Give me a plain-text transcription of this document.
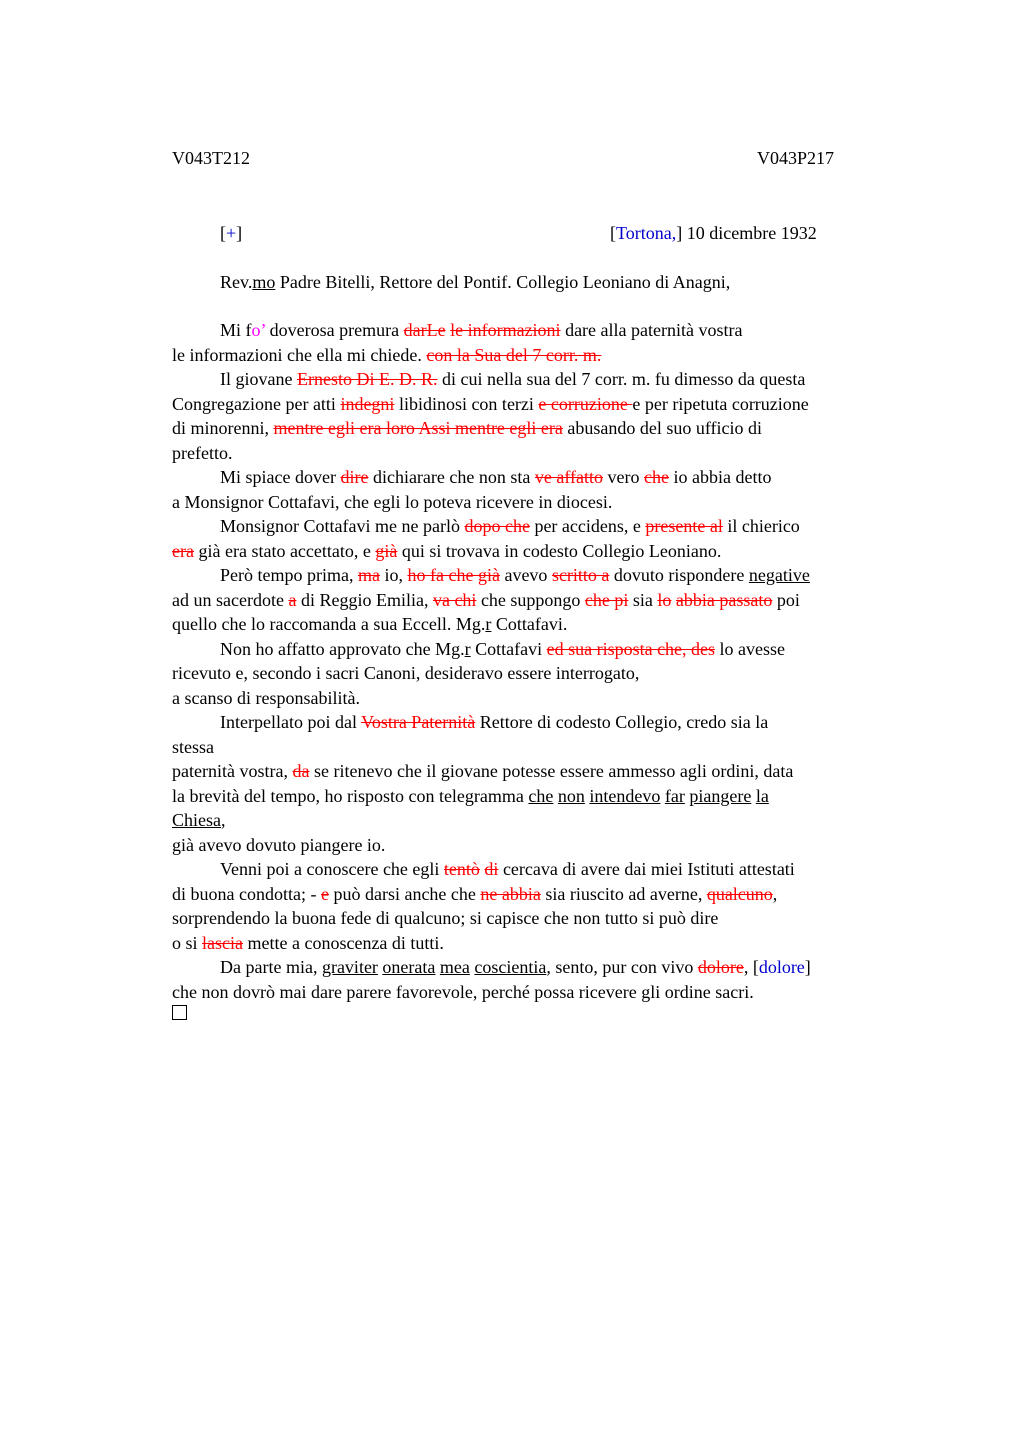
V043T212	V043P217
[+]	[Tortona,] 10 dicembre 1932
Rev.mo Padre Bitelli, Rettore del Pontif. Collegio Leoniano di Anagni,

Mi fo’ doverosa premura darLe le informazioni dare alla paternità vostra
le informazioni che ella mi chiede. con la Sua del 7 corr. m.

Il giovane Ernesto Di E. D. R. di cui nella sua del 7 corr. m. fu dimesso da questa
Congregazione per atti indegni libidinosi con terzi e corruzione e per ripetuta corruzione
di minorenni, mentre egli era loro Assi mentre egli era abusando del suo ufficio di
prefetto.

Mi spiace dover dire dichiarare che non sta ve affatto vero che io abbia detto
a Monsignor Cottafavi, che egli lo poteva ricevere in diocesi.

Monsignor Cottafavi me ne parlò dopo che per accidens, e presente al il chierico
era già era stato accettato, e già qui si trovava in codesto Collegio Leoniano.

Però tempo prima, ma io, ho fa che già avevo scritto a dovuto rispondere negative
ad un sacerdote a di Reggio Emilia, va chi che suppongo che pi sia lo abbia passato poi
quello che lo raccomanda a sua Eccell. Mg.r Cottafavi.

Non ho affatto approvato che Mg.r Cottafavi ed sua risposta che, des lo avesse
ricevuto e, secondo i sacri Canoni, desideravo essere interrogato,
a scanso di responsabilità.

Interpellato poi dal Vostra Paternità Rettore di codesto Collegio, credo sia la
stessa
paternità vostra, da se ritenevo che il giovane potesse essere ammesso agli ordini, data
la brevità del tempo, ho risposto con telegramma che non intendevo far piangere la
Chiesa,
già avevo dovuto piangere io.

Venni poi a conoscere che egli tentò di cercava di avere dai miei Istituti attestati
di buona condotta; - e può darsi anche che ne abbia sia riuscito ad averne, qualcuno,
sorprendendo la buona fede di qualcuno; si capisce che non tutto si può dire
o si lascia mette a conoscenza di tutti.

Da parte mia, graviter onerata mea coscientia, sento, pur con vivo dolore, [dolore]
che non dovrò mai dare parere favorevole, perché possa ricevere gli ordine sacri.
